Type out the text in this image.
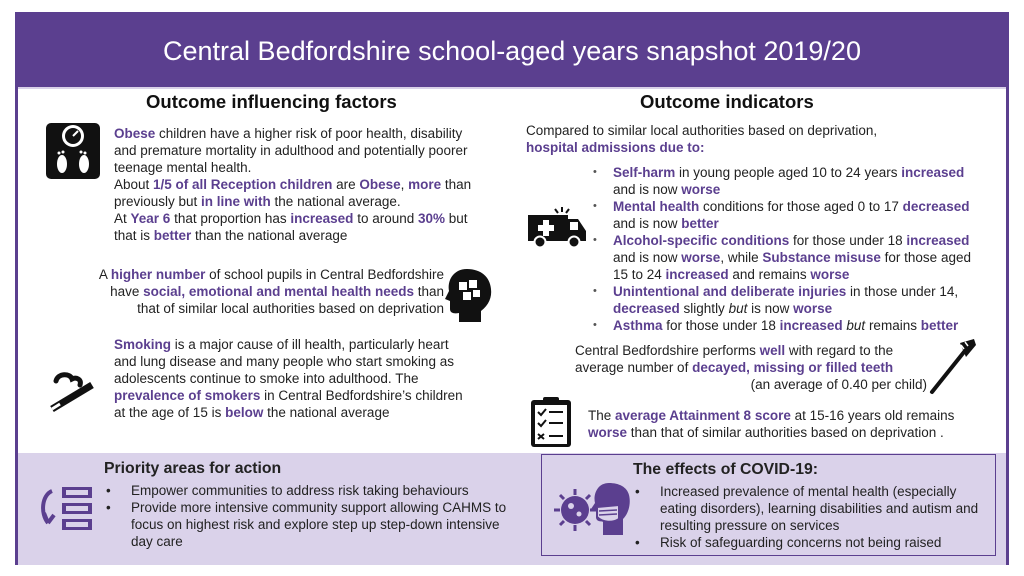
Central Bedfordshire school-aged years snapshot 2019/20
Outcome influencing factors
Obese children have a higher risk of poor health, disability and premature mortality in adulthood and potentially poorer teenage mental health.
About 1/5 of all Reception children are Obese, more than previously but in line with the national average.
At Year 6 that proportion has increased to around 30% but that is better than the national average
A higher number of school pupils in Central Bedfordshire
have social, emotional and mental health needs than
that of similar local authorities based on deprivation
Smoking is a major cause of ill health, particularly heart and lung disease and many people who start smoking as adolescents continue to smoke into adulthood. The prevalence of smokers in Central Bedfordshire’s children at the age of 15 is below the national average
Outcome indicators
Compared to similar local authorities based on deprivation,
hospital admissions due to:
• Self-harm in young people aged 10 to 24 years increased and is now worse
• Mental health conditions for those aged 0 to 17 decreased and is now better
• Alcohol-specific conditions for those under 18 increased and is now worse, while Substance misuse for those aged 15 to 24 increased and remains worse
• Unintentional and deliberate injuries in those under 14, decreased slightly but is now worse
• Asthma for those under 18 increased but remains better
Central Bedfordshire performs well with regard to the
average number of decayed, missing or filled teeth
(an average of 0.40 per child)
The average Attainment 8 score at 15-16 years old remains
worse than that of similar authorities based on deprivation .
Priority areas for action
• Empower communities to address risk taking behaviours
• Provide more intensive community support allowing CAHMS to focus on highest risk and explore step up step-down intensive day care
The effects of COVID-19:
• Increased prevalence of mental health (especially eating disorders), learning disabilities and autism and resulting pressure on services
• Risk of safeguarding concerns not being raised
